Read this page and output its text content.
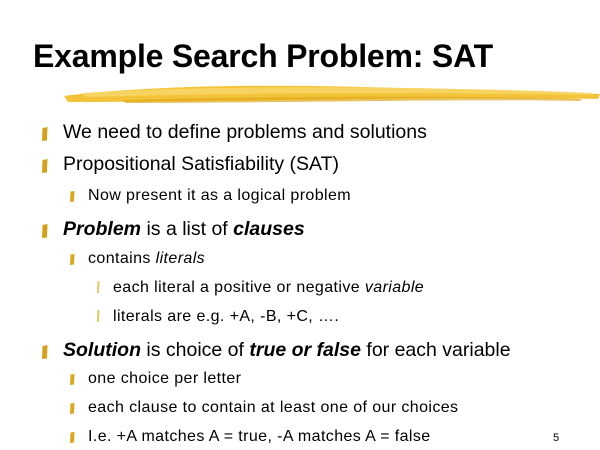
Example Search Problem: SAT
We need to define problems and solutions
Propositional Satisfiability (SAT)
Now present it as a logical problem
Problem is a list of clauses
contains literals
each literal a positive or negative variable
literals are e.g. +A, -B, +C, ….
Solution is choice of true or false for each variable
one choice per letter
each clause to contain at least one of our choices
I.e. +A matches A = true, -A matches A = false	5
